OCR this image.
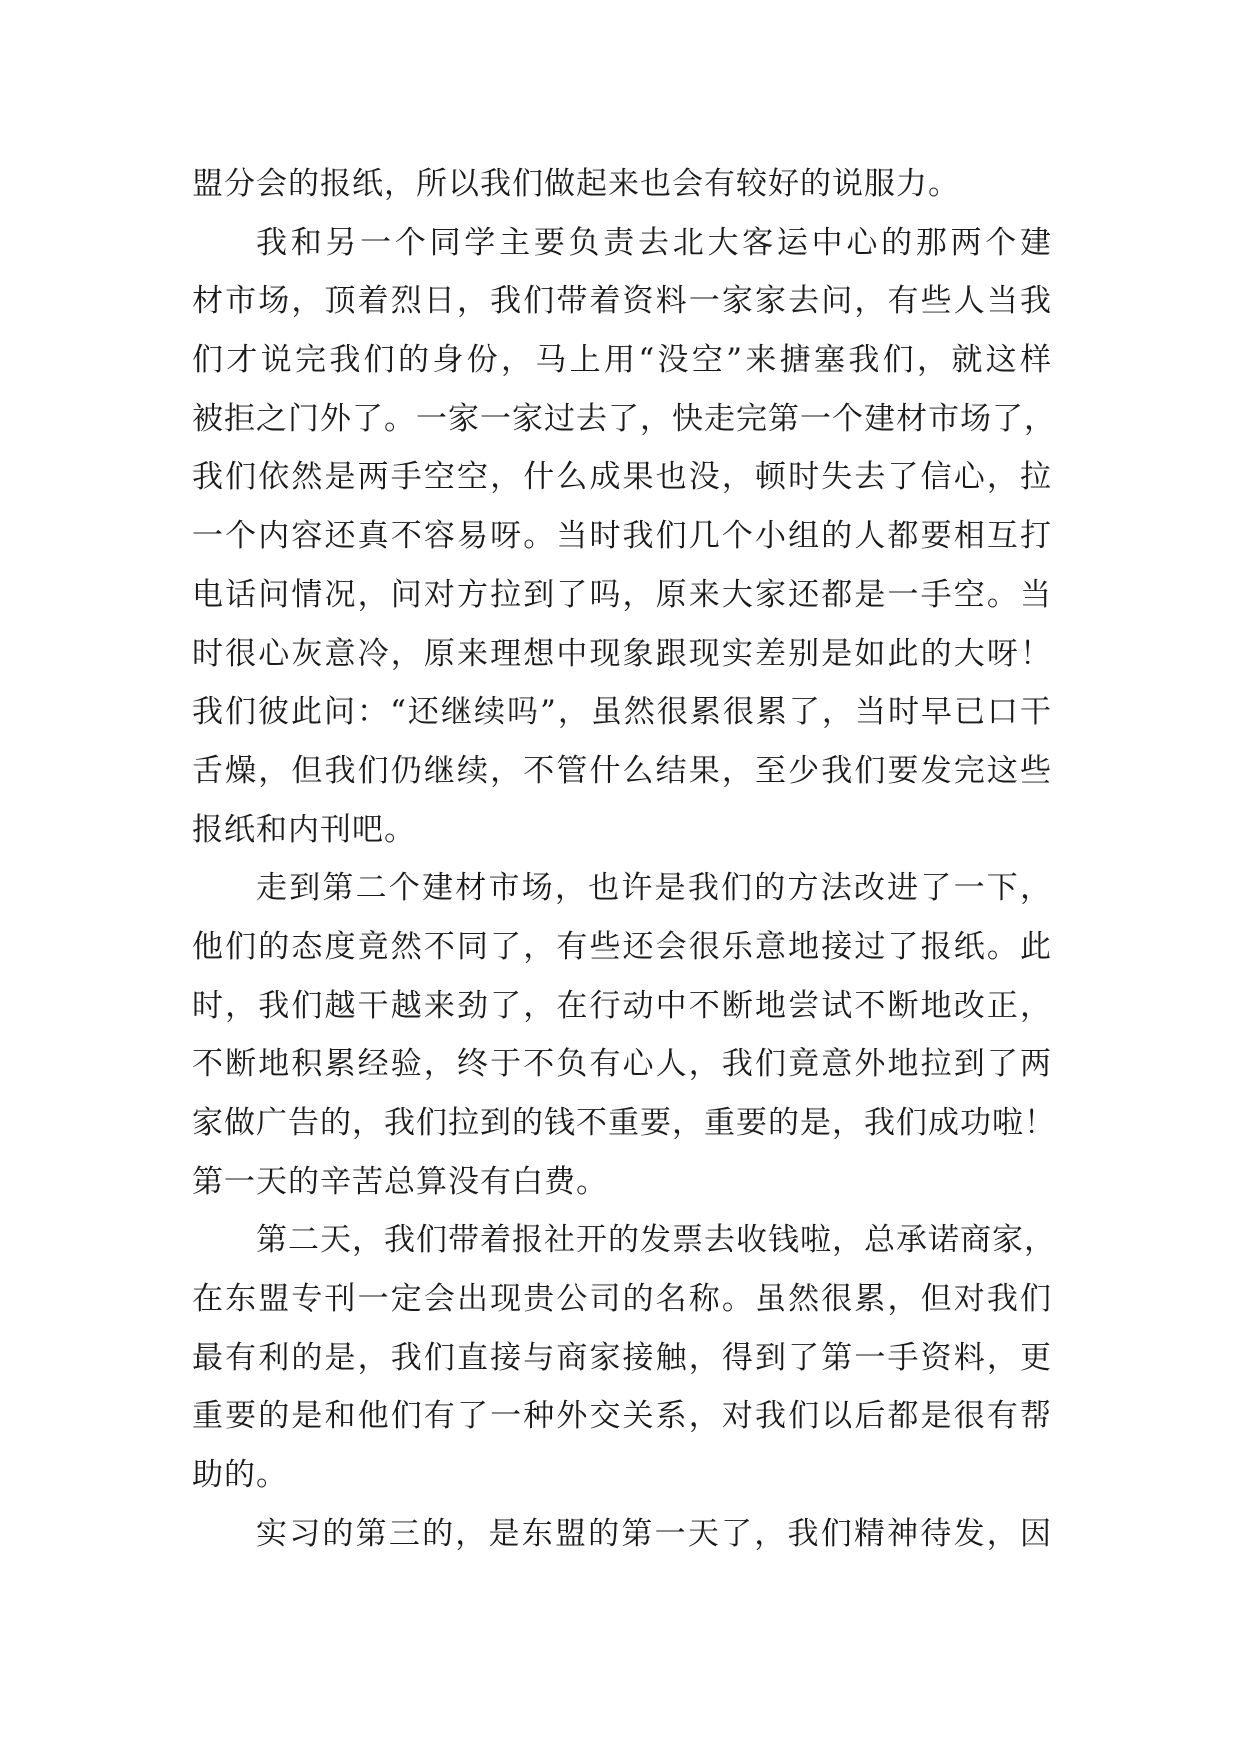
盟分会的报纸，所以我们做起来也会有较好的说服力。
我和另一个同学主要负责去北大客运中心的那两个建
材市场，顶着烈日，我们带着资料一家家去问，有些人当我
们才说完我们的身份，马上用“没空”来搪塞我们，就这样
被拒之门外了。一家一家过去了，快走完第一个建材市场了，
我们依然是两手空空，什么成果也没，顿时失去了信心，拉
一个内容还真不容易呀。当时我们几个小组的人都要相互打
电话问情况，问对方拉到了吗，原来大家还都是一手空。当
时很心灰意冷，原来理想中现象跟现实差别是如此的大呀！
我们彼此问：“还继续吗”，虽然很累很累了，当时早已口干
舌燥，但我们仍继续，不管什么结果，至少我们要发完这些
报纸和内刊吧。
走到第二个建材市场，也许是我们的方法改进了一下，
他们的态度竟然不同了，有些还会很乐意地接过了报纸。此
时，我们越干越来劲了，在行动中不断地尝试不断地改正，
不断地积累经验，终于不负有心人，我们竟意外地拉到了两
家做广告的，我们拉到的钱不重要，重要的是，我们成功啦！
第一天的辛苦总算没有白费。
第二天，我们带着报社开的发票去收钱啦，总承诺商家，
在东盟专刊一定会出现贵公司的名称。虽然很累，但对我们
最有利的是，我们直接与商家接触，得到了第一手资料，更
重要的是和他们有了一种外交关系，对我们以后都是很有帮
助的。
实习的第三的，是东盟的第一天了，我们精神待发，因
